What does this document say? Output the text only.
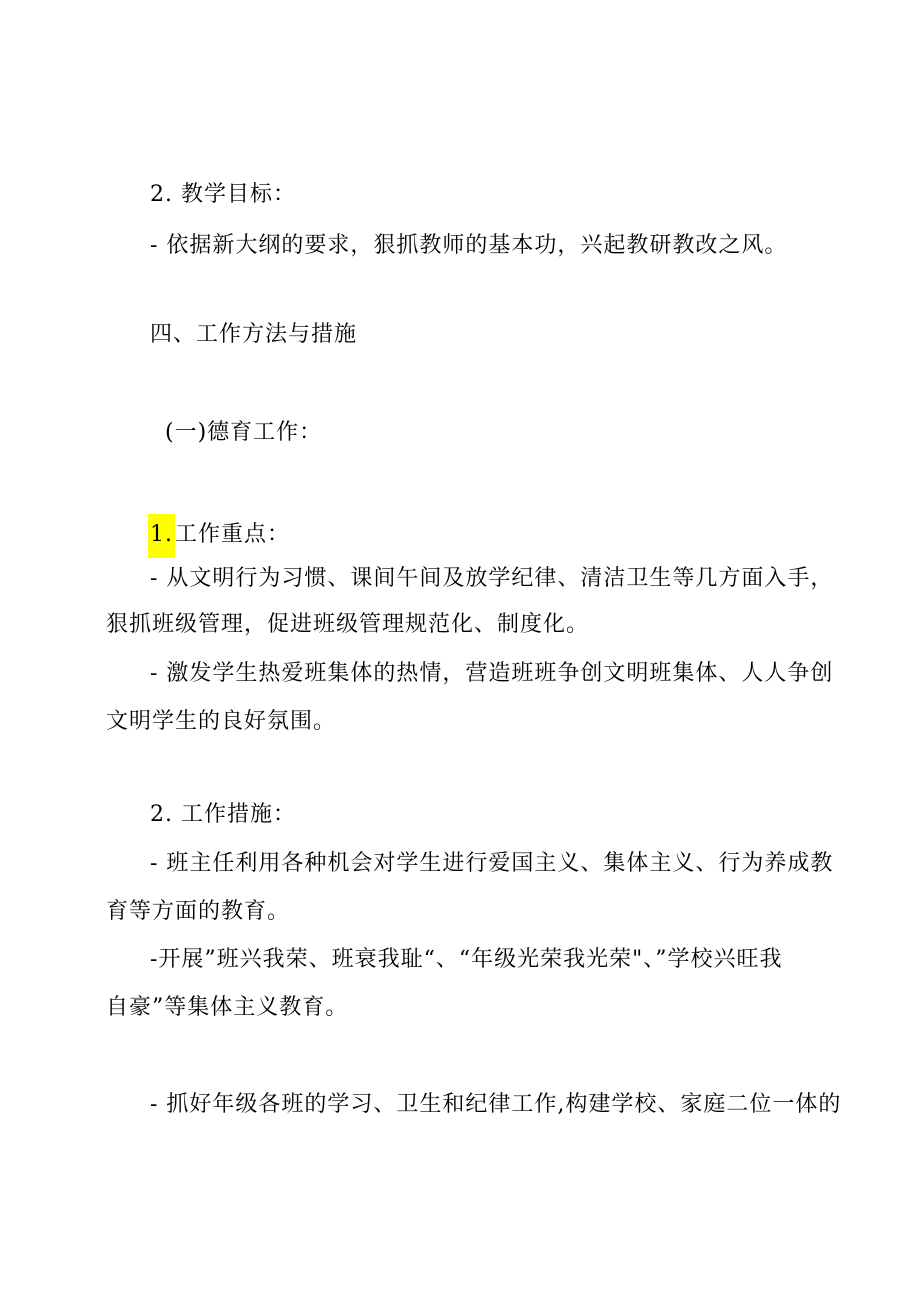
2. 教学目标：
- 依据新大纲的要求，狠抓教师的基本功，兴起教研教改之风。
四、工作方法与措施
(一)德育工作：
1.工作重点：
- 从文明行为习惯、课间午间及放学纪律、清洁卫生等几方面入手，
狠抓班级管理，促进班级管理规范化、制度化。
- 激发学生热爱班集体的热情，营造班班争创文明班集体、人人争创
文明学生的良好氛围。
2. 工作措施：
- 班主任利用各种机会对学生进行爱国主义、集体主义、行为养成教
育等方面的教育。
-开展”班兴我荣、班衰我耻“、“年级光荣我光荣"、”学校兴旺我
自豪”等集体主义教育。
- 抓好年级各班的学习、卫生和纪律工作,构建学校、家庭二位一体的
